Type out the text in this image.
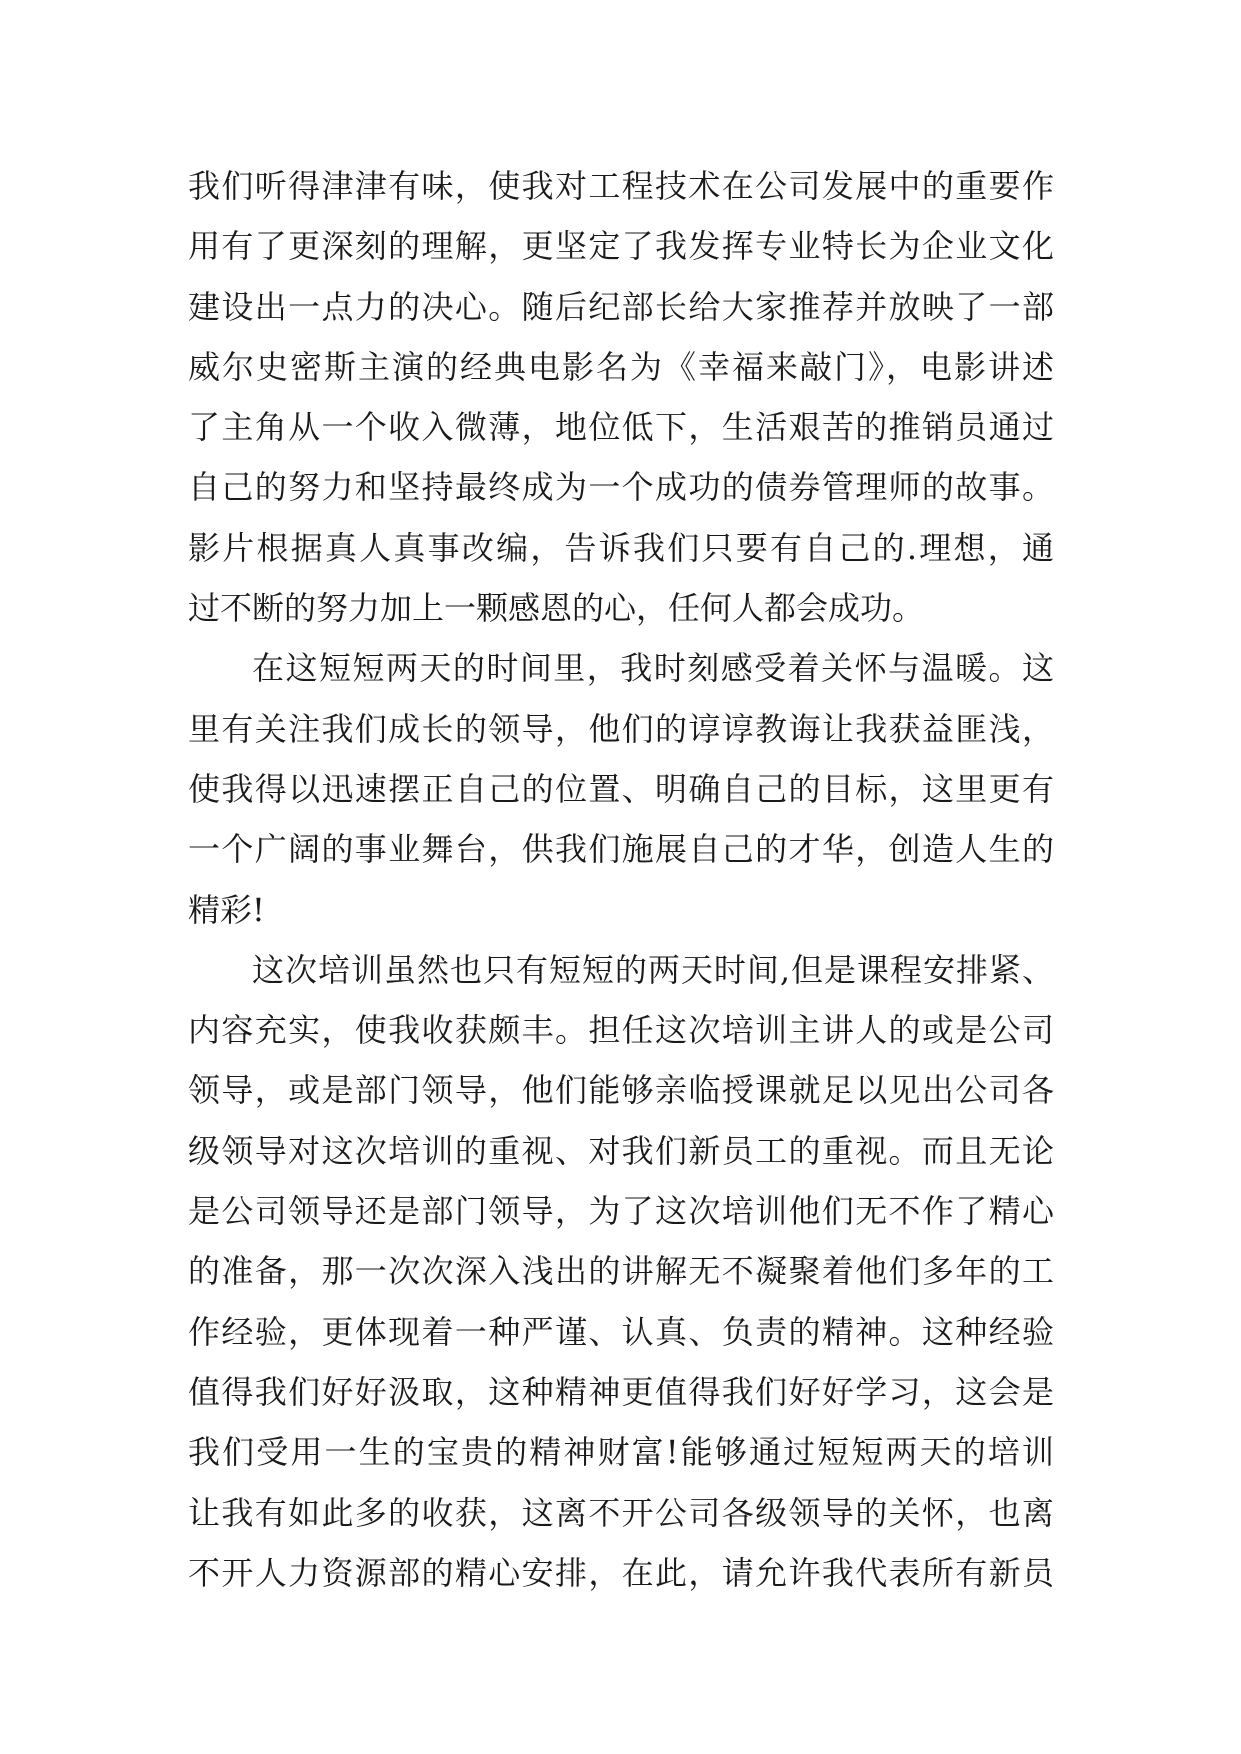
我们听得津津有味，使我对工程技术在公司发展中的重要作
用有了更深刻的理解，更坚定了我发挥专业特长为企业文化
建设出一点力的决心。随后纪部长给大家推荐并放映了一部
威尔史密斯主演的经典电影名为《幸福来敲门》，电影讲述
了主角从一个收入微薄，地位低下，生活艰苦的推销员通过
自己的努力和坚持最终成为一个成功的债券管理师的故事。
影片根据真人真事改编，告诉我们只要有自己的.理想，通
过不断的努力加上一颗感恩的心，任何人都会成功。
在这短短两天的时间里，我时刻感受着关怀与温暖。这
里有关注我们成长的领导，他们的谆谆教诲让我获益匪浅，
使我得以迅速摆正自己的位置、明确自己的目标，这里更有
一个广阔的事业舞台，供我们施展自己的才华，创造人生的
精彩!
这次培训虽然也只有短短的两天时间,但是课程安排紧、
内容充实，使我收获颇丰。担任这次培训主讲人的或是公司
领导，或是部门领导，他们能够亲临授课就足以见出公司各
级领导对这次培训的重视、对我们新员工的重视。而且无论
是公司领导还是部门领导，为了这次培训他们无不作了精心
的准备，那一次次深入浅出的讲解无不凝聚着他们多年的工
作经验，更体现着一种严谨、认真、负责的精神。这种经验
值得我们好好汲取，这种精神更值得我们好好学习，这会是
我们受用一生的宝贵的精神财富!能够通过短短两天的培训
让我有如此多的收获，这离不开公司各级领导的关怀，也离
不开人力资源部的精心安排，在此，请允许我代表所有新员
